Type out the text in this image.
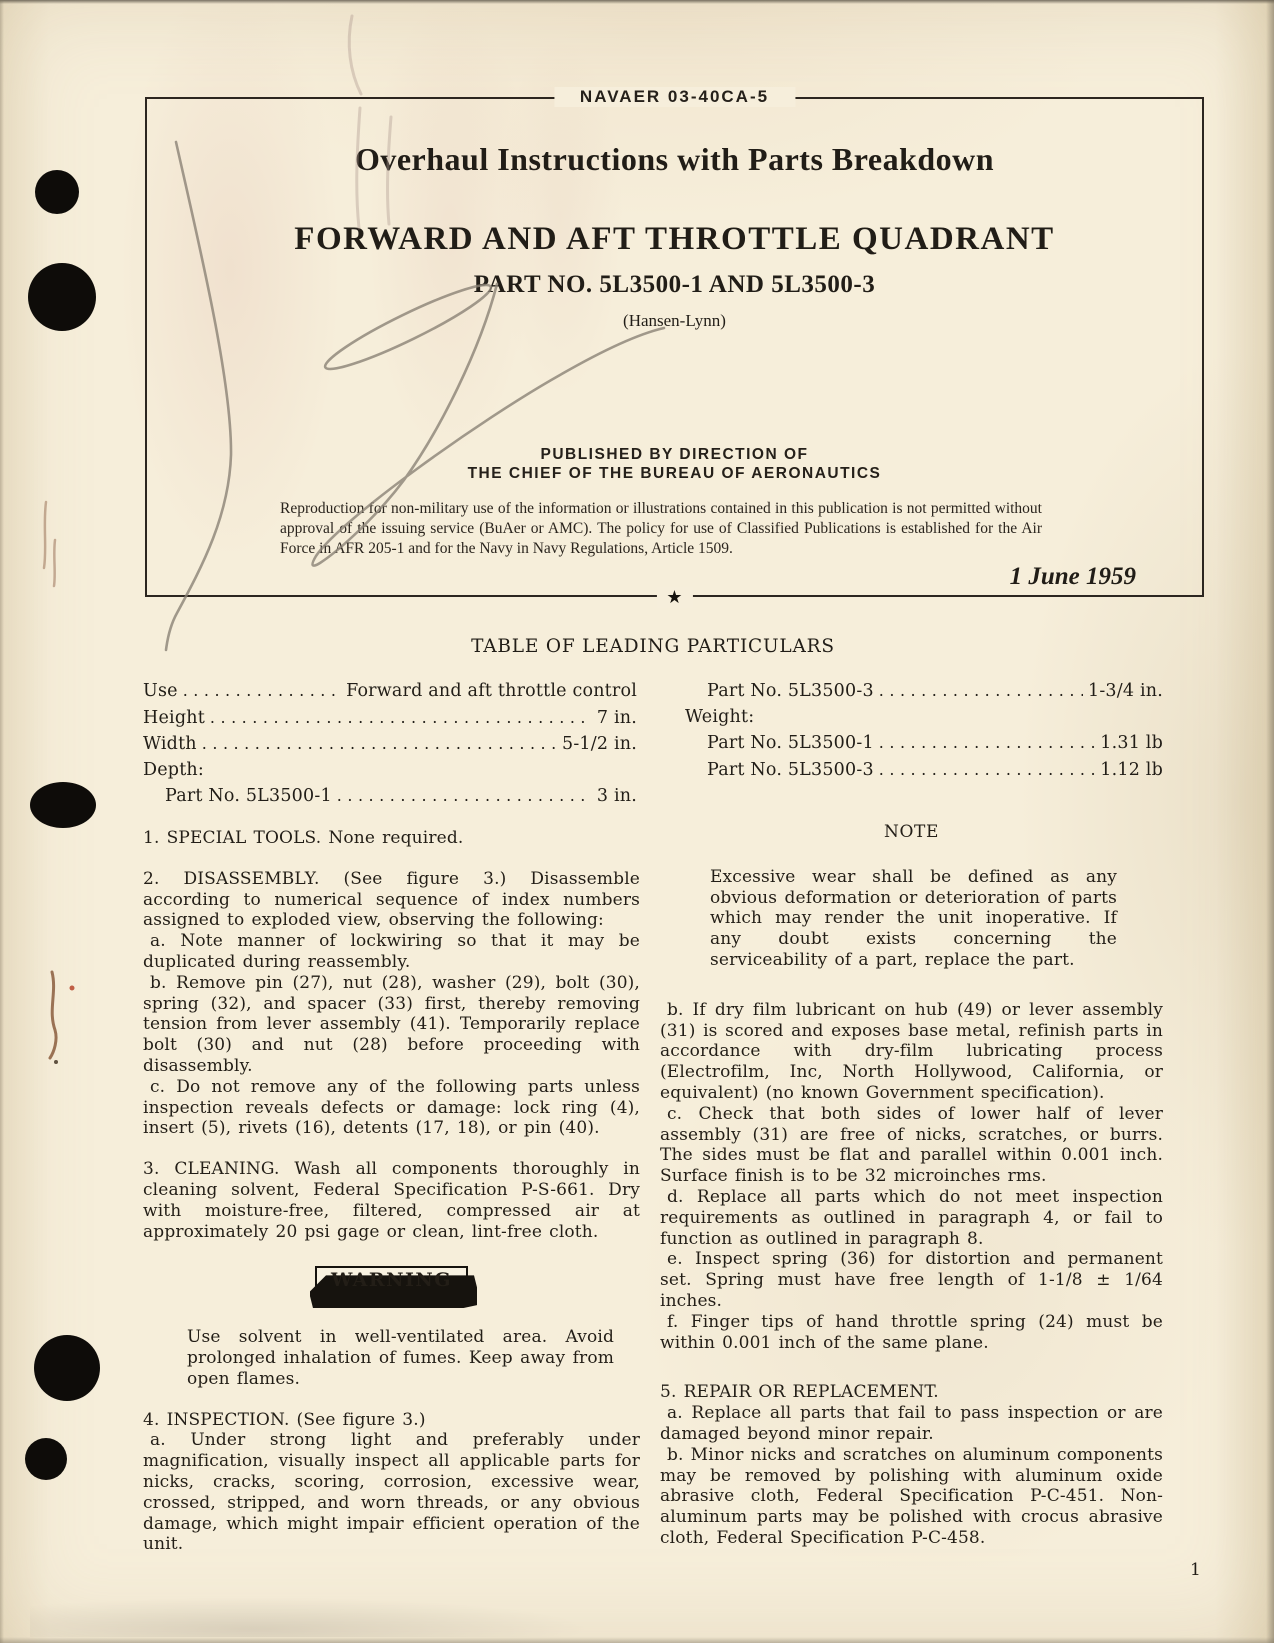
NAVAER 03-40CA-5
Overhaul Instructions with Parts Breakdown
FORWARD AND AFT THROTTLE QUADRANT
PART NO. 5L3500-1 AND 5L3500-3
(Hansen-Lynn)
PUBLISHED BY DIRECTION OF
THE CHIEF OF THE BUREAU OF AERONAUTICS
Reproduction for non-military use of the information or illustrations contained in this publication is not permitted without approval of the issuing service (BuAer or AMC). The policy for use of Classified Publications is established for the Air Force in AFR 205-1 and for the Navy in Navy Regulations, Article 1509.
1 June 1959
★
TABLE OF LEADING PARTICULARS
Use .....	Forward and aft throttle control
Height .....	7 in.
Width .....	5-1/2 in.
Depth:
Part No. 5L3500-1 .....	3 in.
Part No. 5L3500-3 .....	1-3/4 in.
Weight:
Part No. 5L3500-1 .....	1.31 lb
Part No. 5L3500-3 .....	1.12 lb

1. SPECIAL TOOLS. None required.

2. DISASSEMBLY. (See figure 3.) Disassemble according to numerical sequence of index numbers assigned to exploded view, observing the following:

a. Note manner of lockwiring so that it may be duplicated during reassembly.

b. Remove pin (27), nut (28), washer (29), bolt (30), spring (32), and spacer (33) first, thereby removing tension from lever assembly (41). Temporarily replace bolt (30) and nut (28) before proceeding with disassembly.

c. Do not remove any of the following parts unless inspection reveals defects or damage: lock ring (4), insert (5), rivets (16), detents (17, 18), or pin (40).

3. CLEANING. Wash all components thoroughly in cleaning solvent, Federal Specification P-S-661. Dry with moisture-free, filtered, compressed air at approximately 20 psi gage or clean, lint-free cloth.

WARNING

Use solvent in well-ventilated area. Avoid prolonged inhalation of fumes. Keep away from open flames.

4. INSPECTION. (See figure 3.)

a. Under strong light and preferably under magnification, visually inspect all applicable parts for nicks, cracks, scoring, corrosion, excessive wear, crossed, stripped, and worn threads, or any obvious damage, which might impair efficient operation of the unit.

NOTE

Excessive wear shall be defined as any obvious deformation or deterioration of parts which may render the unit inoperative. If any doubt exists concerning the serviceability of a part, replace the part.

b. If dry film lubricant on hub (49) or lever assembly (31) is scored and exposes base metal, refinish parts in accordance with dry-film lubricating process (Electrofilm, Inc, North Hollywood, California, or equivalent) (no known Government specification).

c. Check that both sides of lower half of lever assembly (31) are free of nicks, scratches, or burrs. The sides must be flat and parallel within 0.001 inch. Surface finish is to be 32 microinches rms.

d. Replace all parts which do not meet inspection requirements as outlined in paragraph 4, or fail to function as outlined in paragraph 8.

e. Inspect spring (36) for distortion and permanent set. Spring must have free length of 1-1/8 ± 1/64 inches.

f. Finger tips of hand throttle spring (24) must be within 0.001 inch of the same plane.

5. REPAIR OR REPLACEMENT.

a. Replace all parts that fail to pass inspection or are damaged beyond minor repair.

b. Minor nicks and scratches on aluminum components may be removed by polishing with aluminum oxide abrasive cloth, Federal Specification P-C-451. Non-aluminum parts may be polished with crocus abrasive cloth, Federal Specification P-C-458.

1
